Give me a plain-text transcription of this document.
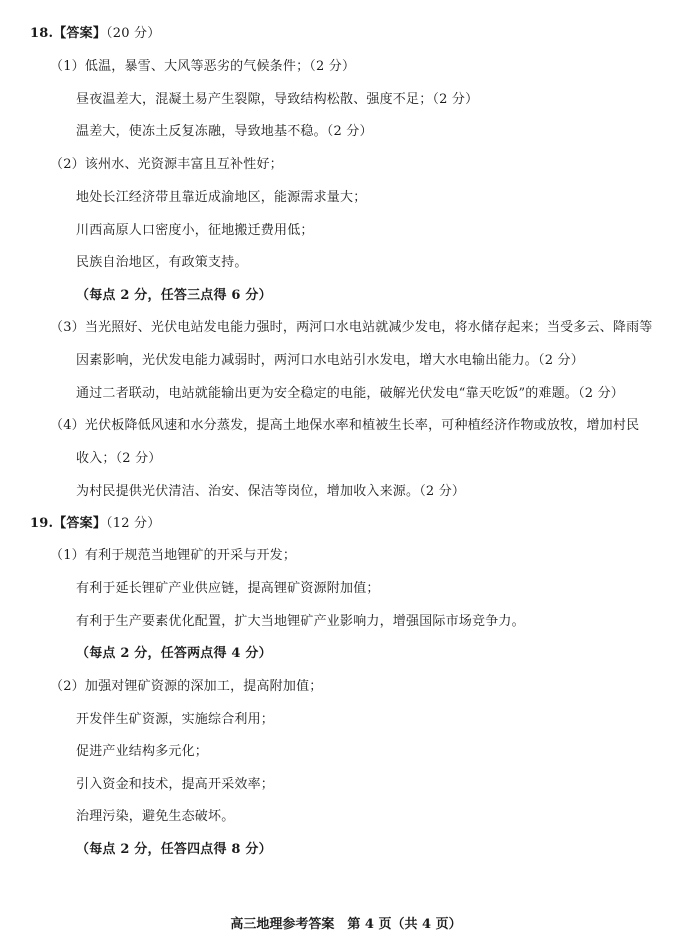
18.【答案】（20 分）
（1）低温，暴雪、大风等恶劣的气候条件；（2 分）
昼夜温差大，混凝土易产生裂隙，导致结构松散、强度不足；（2 分）
温差大，使冻土反复冻融，导致地基不稳。（2 分）
（2）该州水、光资源丰富且互补性好；
地处长江经济带且靠近成渝地区，能源需求量大；
川西高原人口密度小，征地搬迁费用低；
民族自治地区，有政策支持。
（每点 2 分，任答三点得 6 分）
（3）当光照好、光伏电站发电能力强时，两河口水电站就减少发电，将水储存起来；当受多云、降雨等
因素影响，光伏发电能力减弱时，两河口水电站引水发电，增大水电输出能力。（2 分）
通过二者联动，电站就能输出更为安全稳定的电能，破解光伏发电“靠天吃饭”的难题。（2 分）
（4）光伏板降低风速和水分蒸发，提高土地保水率和植被生长率，可种植经济作物或放牧，增加村民
收入；（2 分）
为村民提供光伏清洁、治安、保洁等岗位，增加收入来源。（2 分）
19.【答案】（12 分）
（1）有利于规范当地锂矿的开采与开发；
有利于延长锂矿产业供应链，提高锂矿资源附加值；
有利于生产要素优化配置，扩大当地锂矿产业影响力，增强国际市场竞争力。
（每点 2 分，任答两点得 4 分）
（2）加强对锂矿资源的深加工，提高附加值；
开发伴生矿资源，实施综合利用；
促进产业结构多元化；
引入资金和技术，提高开采效率；
治理污染，避免生态破坏。
（每点 2 分，任答四点得 8 分）
高三地理参考答案　第 4 页（共 4 页）
